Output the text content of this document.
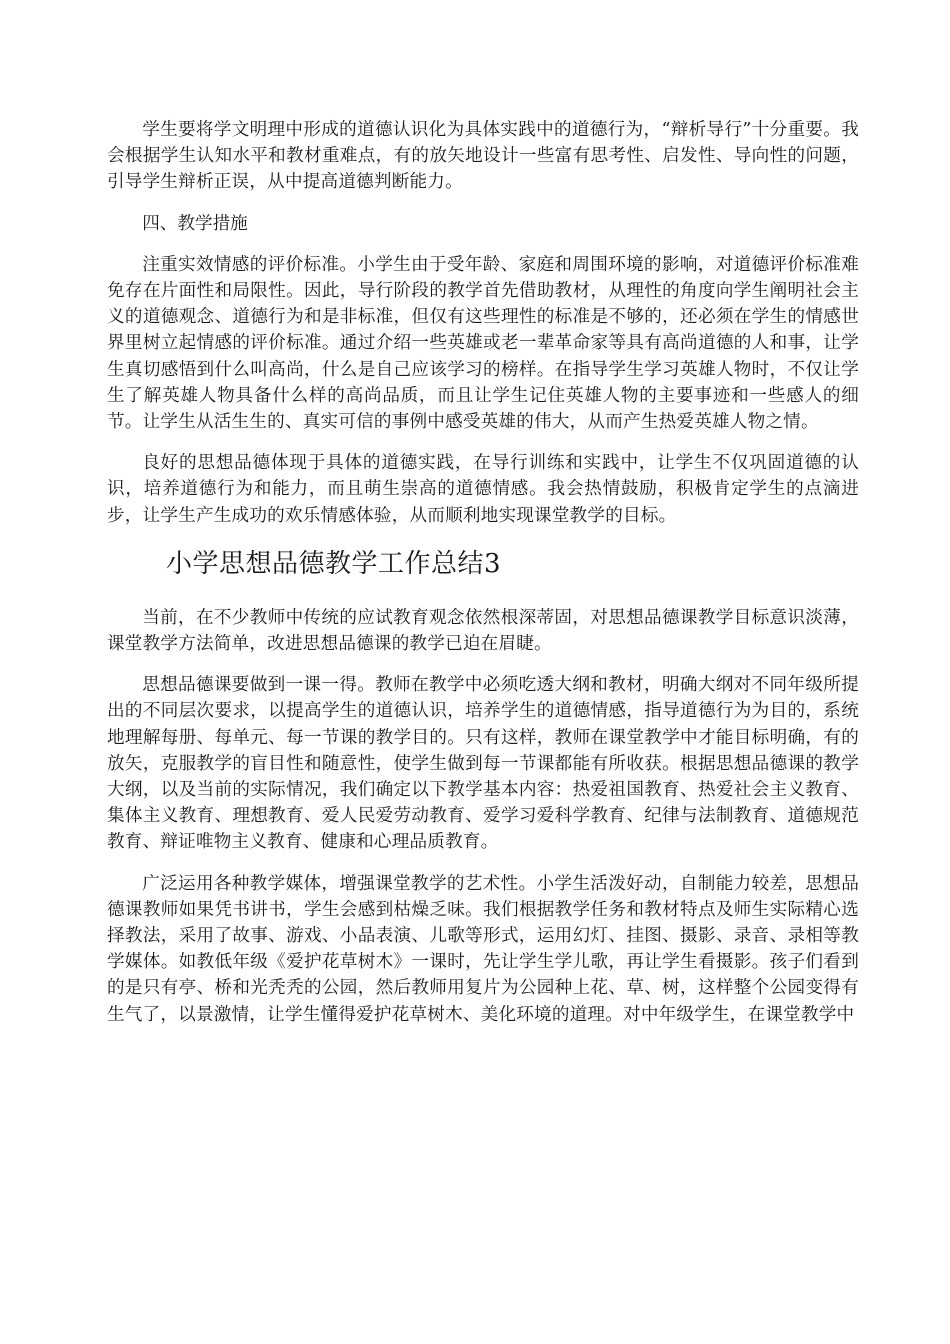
学生要将学文明理中形成的道德认识化为具体实践中的道德行为，“辩析导行”十分重要。我会根据学生认知水平和教材重难点，有的放矢地设计一些富有思考性、启发性、导向性的问题，引导学生辩析正误，从中提高道德判断能力。

四、教学措施

注重实效情感的评价标准。小学生由于受年龄、家庭和周围环境的影响，对道德评价标准难免存在片面性和局限性。因此，导行阶段的教学首先借助教材，从理性的角度向学生阐明社会主义的道德观念、道德行为和是非标准，但仅有这些理性的标准是不够的，还必须在学生的情感世界里树立起情感的评价标准。通过介绍一些英雄或老一辈革命家等具有高尚道德的人和事，让学生真切感悟到什么叫高尚，什么是自己应该学习的榜样。在指导学生学习英雄人物时，不仅让学生了解英雄人物具备什么样的高尚品质，而且让学生记住英雄人物的主要事迹和一些感人的细节。让学生从活生生的、真实可信的事例中感受英雄的伟大，从而产生热爱英雄人物之情。

良好的思想品德体现于具体的道德实践，在导行训练和实践中，让学生不仅巩固道德的认识，培养道德行为和能力，而且萌生崇高的道德情感。我会热情鼓励，积极肯定学生的点滴进步，让学生产生成功的欢乐情感体验，从而顺利地实现课堂教学的目标。

小学思想品德教学工作总结3

当前，在不少教师中传统的应试教育观念依然根深蒂固，对思想品德课教学目标意识淡薄，课堂教学方法简单，改进思想品德课的教学已迫在眉睫。

思想品德课要做到一课一得。教师在教学中必须吃透大纲和教材，明确大纲对不同年级所提出的不同层次要求，以提高学生的道德认识，培养学生的道德情感，指导道德行为为目的，系统地理解每册、每单元、每一节课的教学目的。只有这样，教师在课堂教学中才能目标明确，有的放矢，克服教学的盲目性和随意性，使学生做到每一节课都能有所收获。根据思想品德课的教学大纲，以及当前的实际情况，我们确定以下教学基本内容：热爱祖国教育、热爱社会主义教育、集体主义教育、理想教育、爱人民爱劳动教育、爱学习爱科学教育、纪律与法制教育、道德规范教育、辩证唯物主义教育、健康和心理品质教育。

广泛运用各种教学媒体，增强课堂教学的艺术性。小学生活泼好动，自制能力较差，思想品德课教师如果凭书讲书，学生会感到枯燥乏味。我们根据教学任务和教材特点及师生实际精心选择教法，采用了故事、游戏、小品表演、儿歌等形式，运用幻灯、挂图、摄影、录音、录相等教学媒体。如教低年级《爱护花草树木》一课时，先让学生学儿歌，再让学生看摄影。孩子们看到的是只有亭、桥和光秃秃的公园，然后教师用复片为公园种上花、草、树，这样整个公园变得有生气了，以景激情，让学生懂得爱护花草树木、美化环境的道理。对中年级学生，在课堂教学中
